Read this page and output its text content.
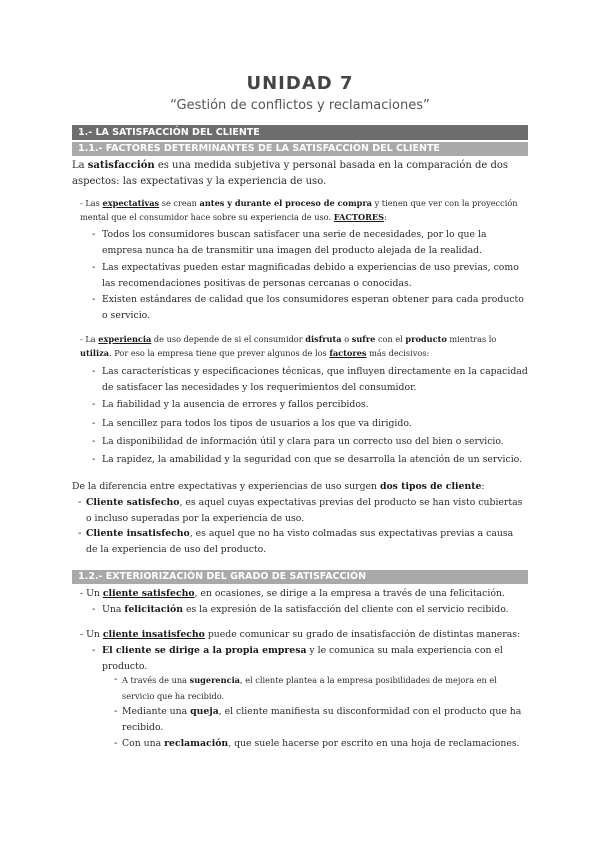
UNIDAD 7
“Gestión de conflictos y reclamaciones”
1.- LA SATISFACCIÓN DEL CLIENTE
1.1.- FACTORES DETERMINANTES DE LA SATISFACCIÓN DEL CLIENTE

La satisfacción es una medida subjetiva y personal basada en la comparación de dos aspectos: las expectativas y la experiencia de uso.

- Las expectativas se crean antes y durante el proceso de compra y tienen que ver con la proyección mental que el consumidor hace sobre su experiencia de uso. FACTORES:

- Todos los consumidores buscan satisfacer una serie de necesidades, por lo que la empresa nunca ha de transmitir una imagen del producto alejada de la realidad.

- Las expectativas pueden estar magnificadas debido a experiencias de uso previas, como las recomendaciones positivas de personas cercanas o conocidas.

- Existen estándares de calidad que los consumidores esperan obtener para cada producto o servicio.

- La experiencia de uso depende de si el consumidor disfruta o sufre con el producto mientras lo utiliza. Por eso la empresa tiene que prever algunos de los factores más decisivos:

- Las características y especificaciones técnicas, que influyen directamente en la capacidad de satisfacer las necesidades y los requerimientos del consumidor.

- La fiabilidad y la ausencia de errores y fallos percibidos.

- La sencillez para todos los tipos de usuarios a los que va dirigido.

- La disponibilidad de información útil y clara para un correcto uso del bien o servicio.

- La rapidez, la amabilidad y la seguridad con que se desarrolla la atención de un servicio.

De la diferencia entre expectativas y experiencias de uso surgen dos tipos de cliente:

- Cliente satisfecho, es aquel cuyas expectativas previas del producto se han visto cubiertas o incluso superadas por la experiencia de uso.

- Cliente insatisfecho, es aquel que no ha visto colmadas sus expectativas previas a causa de la experiencia de uso del producto.

1.2.- EXTERIORIZACIÓN DEL GRADO DE SATISFACCIÓN

- Un cliente satisfecho, en ocasiones, se dirige a la empresa a través de una felicitación.

- Una felicitación es la expresión de la satisfacción del cliente con el servicio recibido.

- Un cliente insatisfecho puede comunicar su grado de insatisfacción de distintas maneras:

- El cliente se dirige a la propia empresa y le comunica su mala experiencia con el producto.

- A través de una sugerencia, el cliente plantea a la empresa posibilidades de mejora en el servicio que ha recibido.

- Mediante una queja, el cliente manifiesta su disconformidad con el producto que ha recibido.

- Con una reclamación, que suele hacerse por escrito en una hoja de reclamaciones.
